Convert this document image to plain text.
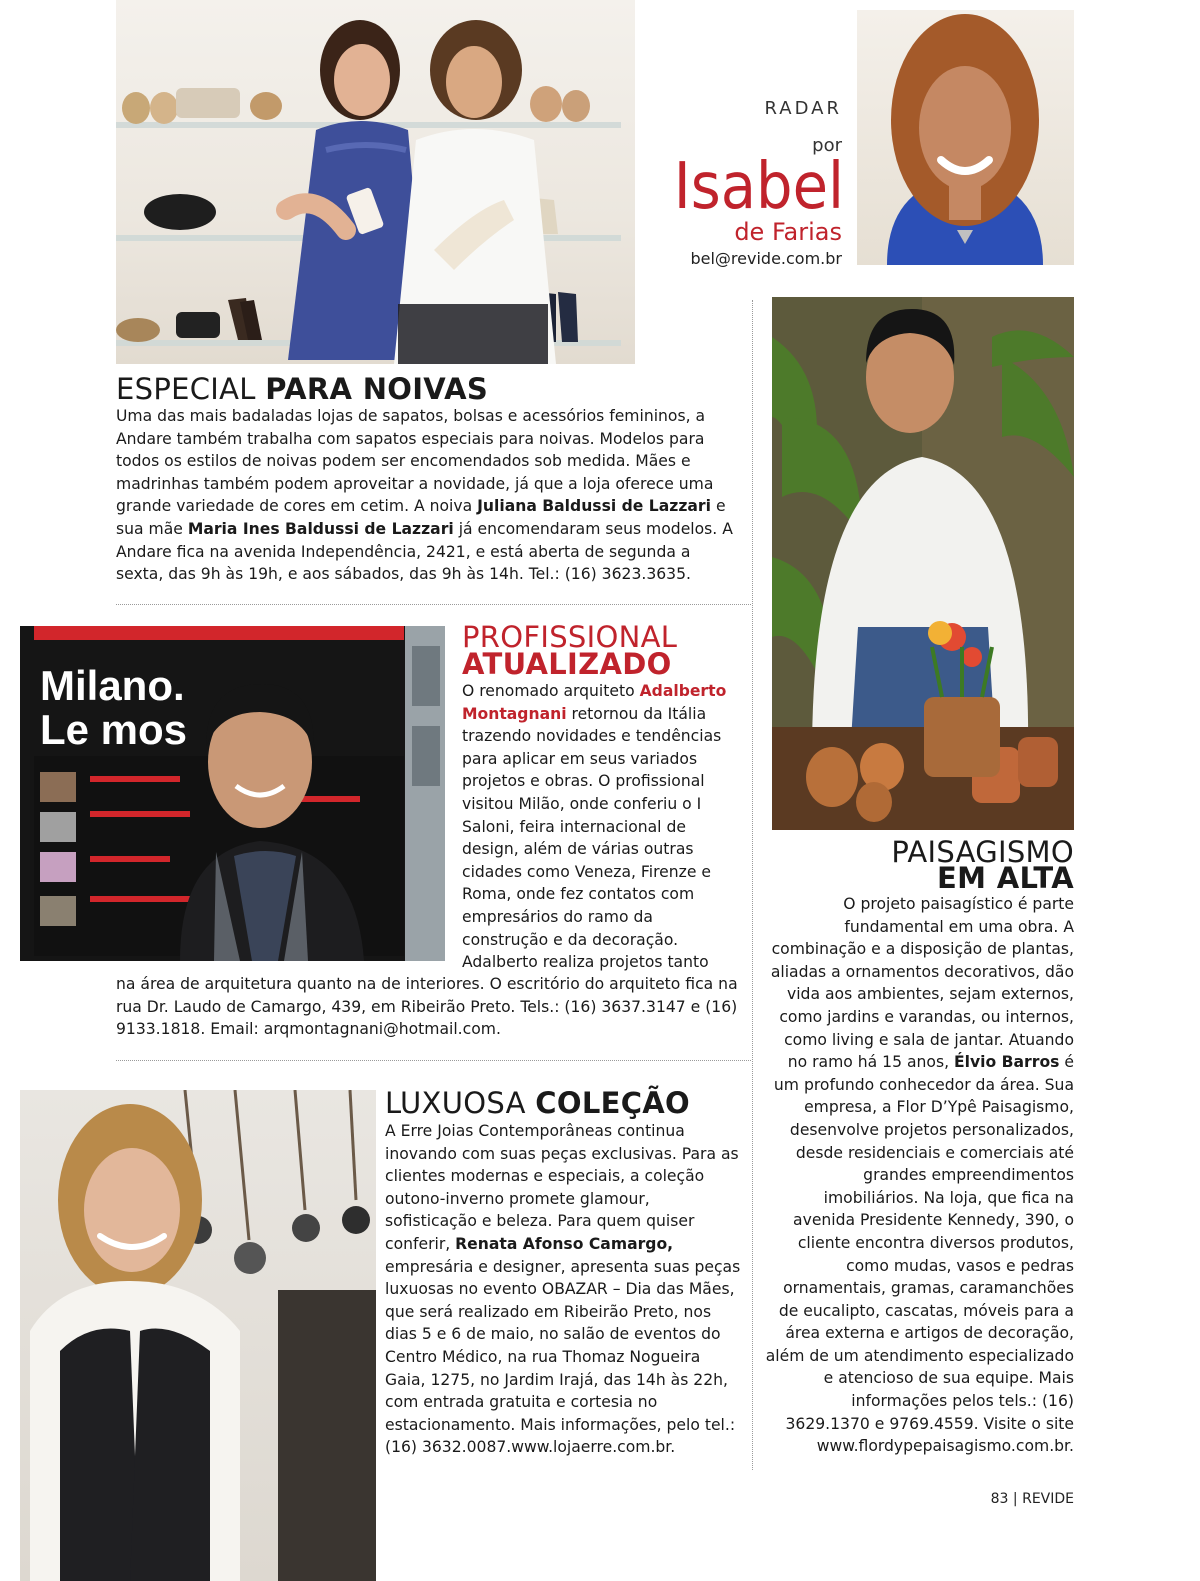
RADAR
por
Isabel
de Farias
bel@revide.com.br
ESPECIAL PARA NOIVAS
Uma das mais badaladas lojas de sapatos, bolsas e acessórios femininos, a Andare também trabalha com sapatos especiais para noivas. Modelos para todos os estilos de noivas podem ser encomendados sob medida. Mães e madrinhas também podem aproveitar a novidade, já que a loja oferece uma grande variedade de cores em cetim. A noiva Juliana Baldussi de Lazzari e sua mãe Maria Ines Baldussi de Lazzari já encomendaram seus modelos. A Andare fica na avenida Independência, 2421, e está aberta de segunda a sexta, das 9h às 19h, e aos sábados, das 9h às 14h. Tel.: (16) 3623.3635.
Milano.
Le mos
PROFISSIONAL
ATUALIZADO
O renomado arquiteto Adalberto Montagnani retornou da Itália trazendo novidades e tendências para aplicar em seus variados projetos e obras. O profissional visitou Milão, onde conferiu o I Saloni, feira internacional de design, além de várias outras cidades como Veneza, Firenze e Roma, onde fez contatos com empresários do ramo da construção e da decoração. Adalberto realiza projetos tanto
na área de arquitetura quanto na de interiores. O escritório do arquiteto fica na rua Dr. Laudo de Camargo, 439, em Ribeirão Preto. Tels.: (16) 3637.3147 e (16) 9133.1818. Email: arqmontagnani@hotmail.com.
LUXUOSA COLEÇÃO
A Erre Joias Contemporâneas continua inovando com suas peças exclusivas. Para as clientes modernas e especiais, a coleção outono-inverno promete glamour, sofisticação e beleza. Para quem quiser conferir, Renata Afonso Camargo, empresária e designer, apresenta suas peças luxuosas no evento OBAZAR – Dia das Mães, que será realizado em Ribeirão Preto, nos dias 5 e 6 de maio, no salão de eventos do Centro Médico, na rua Thomaz Nogueira Gaia, 1275, no Jardim Irajá, das 14h às 22h, com entrada gratuita e cortesia no estacionamento. Mais informações, pelo tel.: (16) 3632.0087.www.lojaerre.com.br.
PAISAGISMO
EM ALTA
O projeto paisagístico é parte fundamental em uma obra. A combinação e a disposição de plantas, aliadas a ornamentos decorativos, dão vida aos ambientes, sejam externos, como jardins e varandas, ou internos, como living e sala de jantar. Atuando no ramo há 15 anos, Élvio Barros é um profundo conhecedor da área. Sua empresa, a Flor D’Ypê Paisagismo, desenvolve projetos personalizados, desde residenciais e comerciais até grandes empreendimentos imobiliários. Na loja, que fica na avenida Presidente Kennedy, 390, o cliente encontra diversos produtos, como mudas, vasos e pedras ornamentais, gramas, caramanchões de eucalipto, cascatas, móveis para a área externa e artigos de decoração, além de um atendimento especializado e atencioso de sua equipe. Mais informações pelos tels.: (16) 3629.1370 e 9769.4559. Visite o site www.flordypepaisagismo.com.br.
83 | REVIDE
